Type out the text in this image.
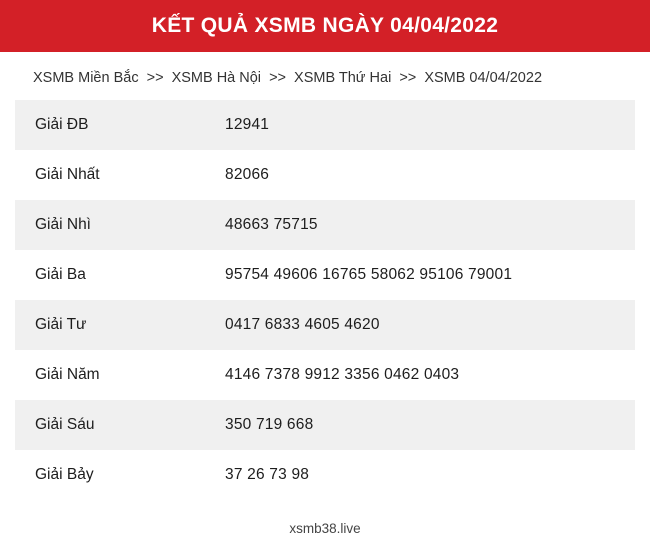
KẾT QUẢ XSMB NGÀY 04/04/2022
XSMB Miền Bắc >> XSMB Hà Nội >> XSMB Thứ Hai >> XSMB 04/04/2022
Giải ĐB	12941
Giải Nhất	82066
Giải Nhì	48663 75715
Giải Ba	95754 49606 16765 58062 95106 79001
Giải Tư	0417 6833 4605 4620
Giải Năm	4146 7378 9912 3356 0462 0403
Giải Sáu	350 719 668
Giải Bảy	37 26 73 98
xsmb38.live
